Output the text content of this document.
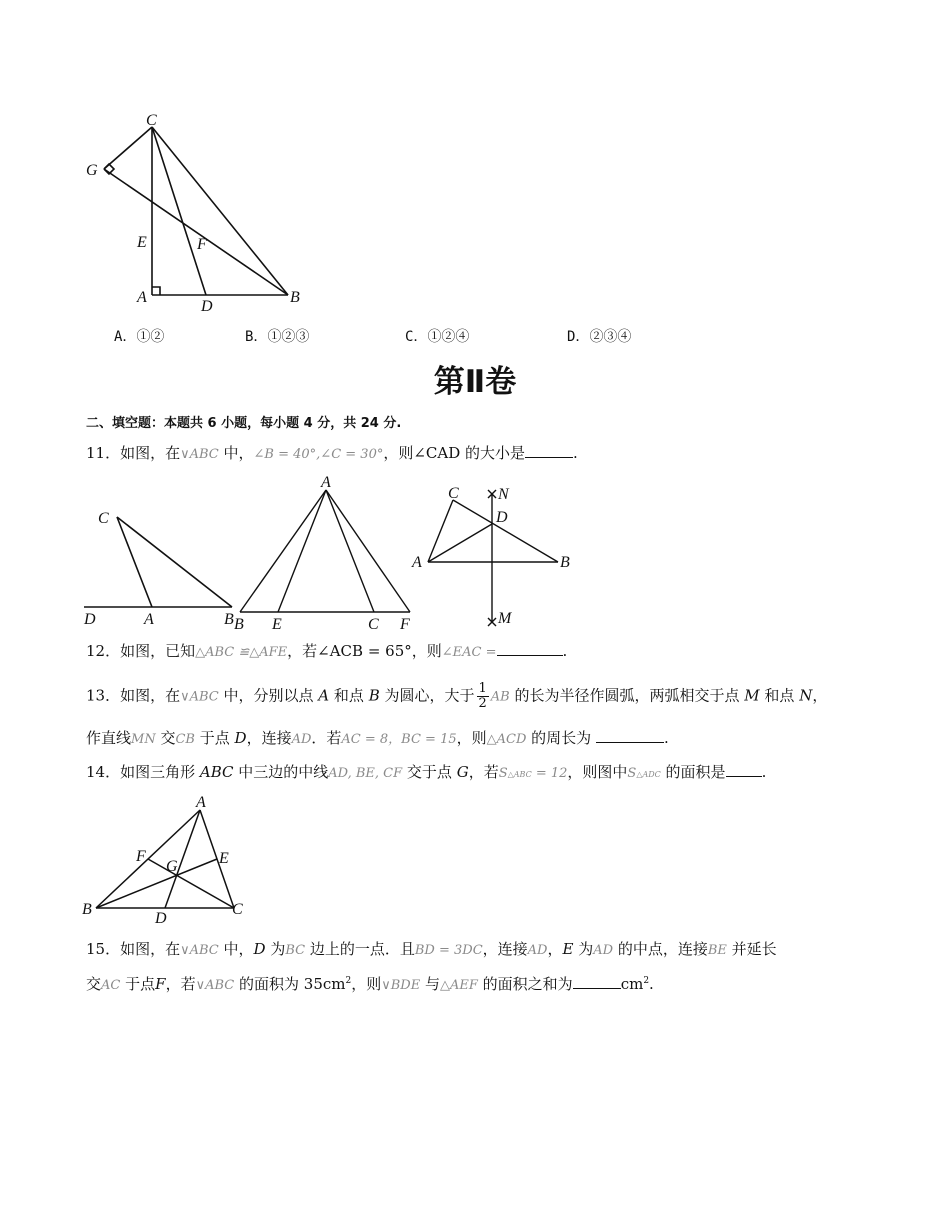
C
G
E	F
A
D
B
A．①②	B．①②③	C．①②④	D．②③④
第Ⅱ卷
二、填空题：本题共 6 小题，每小题 4 分，共 24 分.
11．如图，在∨ABC 中，∠B = 40°,∠C = 30°，则∠CAD 的大小是	.
C
D	A	B
A
B E	C F
C N
D
A	B
M
12．如图，已知△ABC ≌△AFE，若∠ACB = 65°，则∠EAC =	.
13．如图，在∨ABC 中，分别以点 A 和点 B 为圆心，大于 $\frac{1}{2}$ AB 的长为半径作圆弧，两弧相交于点 M 和点 N，
作直线MN 交CB 于点 D，连接AD．若AC = 8，BC = 15，则△ACD 的周长为	.
14．如图三角形 ABC 中三边的中线AD, BE, CF 交于点 G，若S△ABC = 12，则图中S△ADC 的面积是 .
A
F
G	E
B
D
C
15．如图，在∨ABC 中，D 为BC 边上的一点．且BD = 3DC，连接AD，E 为AD 的中点，连接BE 并延长
交AC 于点F，若∨ABC 的面积为 $35cm^2$，则∨BDE 与△AEF 的面积之和为	$cm^2$.
